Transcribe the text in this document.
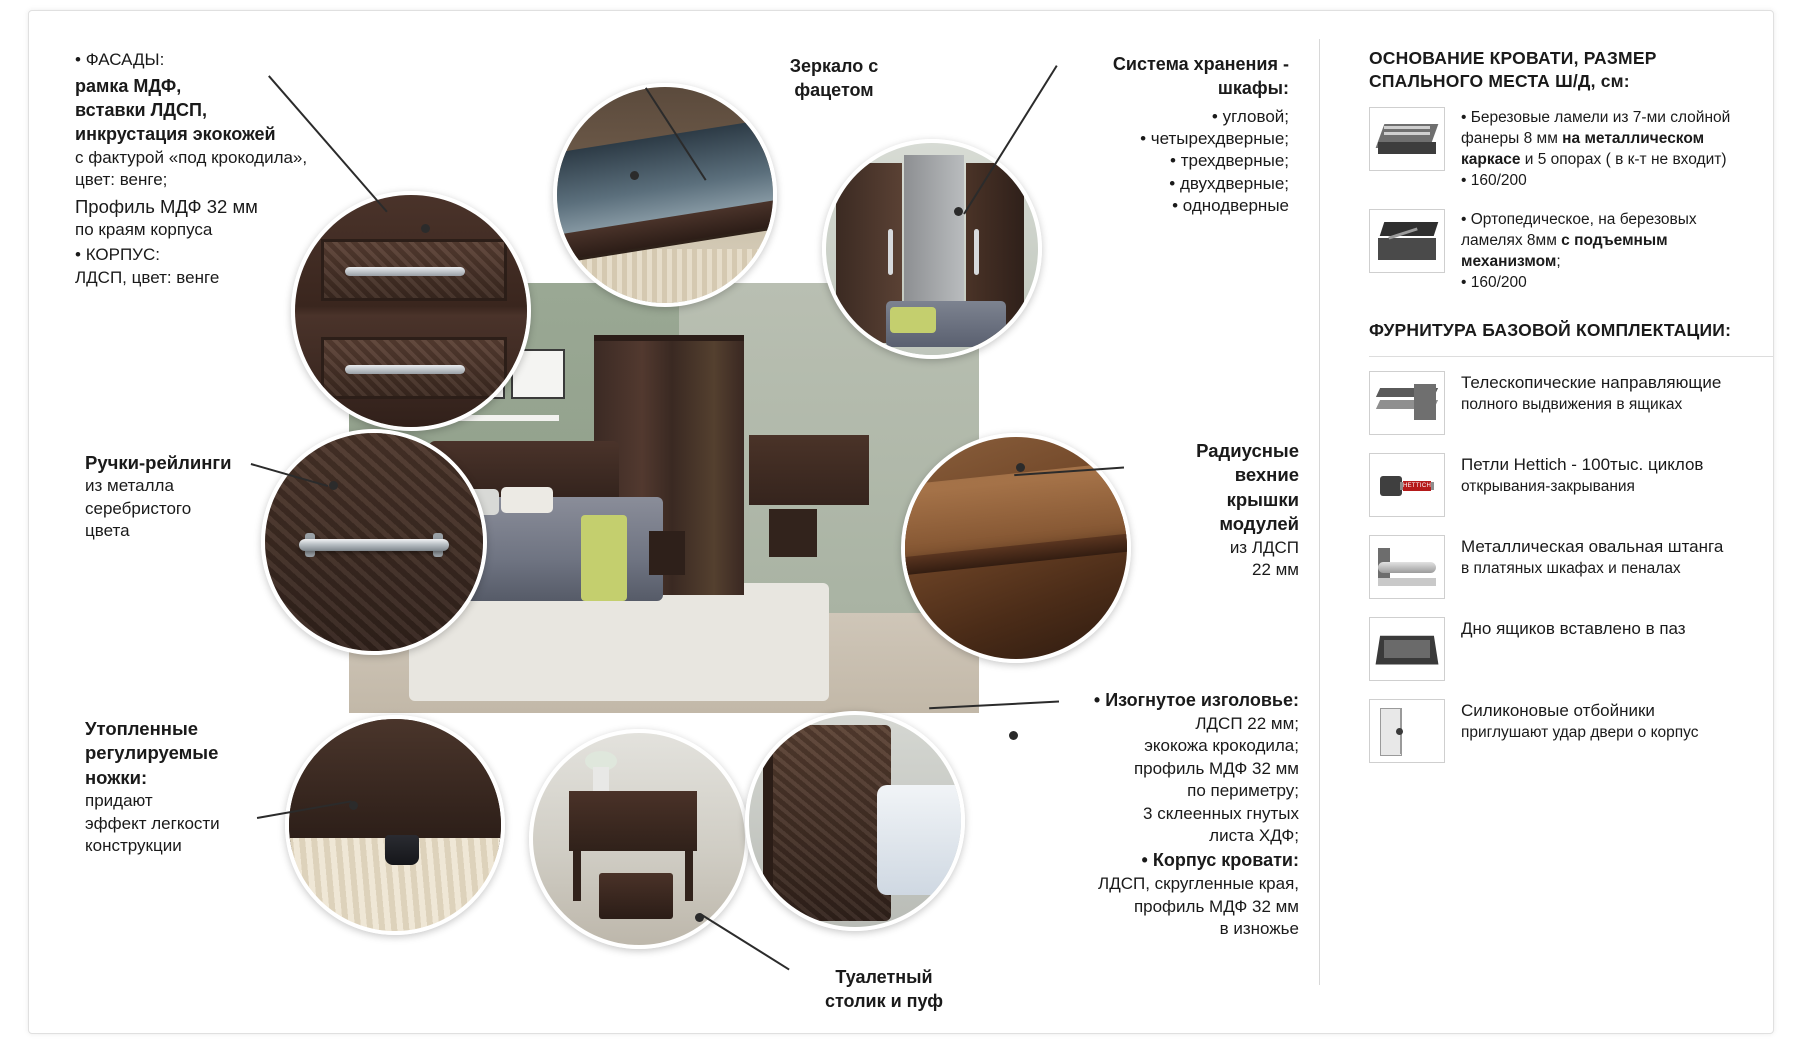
• ФАСАДЫ:
рамка МДФ,
вставки ЛДСП,
инкрустация экокожей
с фактурой «под крокодила»,
цвет: венге;
Профиль МДФ 32 мм
по краям корпуса
• КОРПУС:
ЛДСП, цвет: венге
Зеркало с
фацетом
Система хранения -
шкафы:
• угловой;
• четырехдверные;
• трехдверные;
• двухдверные;
• однодверные
Ручки-рейлинги
из металла
серебристого
цвета
Радиусные
вехние
крышки
модулей
из ЛДСП
22 мм
Утопленные
регулируемые
ножки:
придают
эффект легкости
конструкции
Туалетный
столик и пуф
• Изогнутое изголовье:
ЛДСП 22 мм;
экокожа крокодила;
профиль МДФ 32 мм
по периметру;
3 склеенных гнутых
листа ХДФ;
• Корпус кровати:
ЛДСП, скругленные края,
профиль МДФ 32 мм
в изножье
ОСНОВАНИЕ КРОВАТИ, РАЗМЕР
СПАЛЬНОГО МЕСТА Ш/Д, см:
• Березовые ламели из 7-ми слойной
фанеры 8 мм на металлическом
каркасе и 5 опорах ( в к-т не входит)
• 160/200
• Ортопедическое, на березовых
ламелях 8мм с подъемным
механизмом;
• 160/200
ФУРНИТУРА БАЗОВОЙ КОМПЛЕКТАЦИИ:
Телескопические направляющие
полного выдвижения в ящиках
HETTICH
Петли Hettich - 100тыс. циклов
открывания-закрывания
Металлическая овальная штанга
в платяных шкафах и пеналах
Дно ящиков вставлено в паз
Силиконовые отбойники
приглушают удар двери о корпус
